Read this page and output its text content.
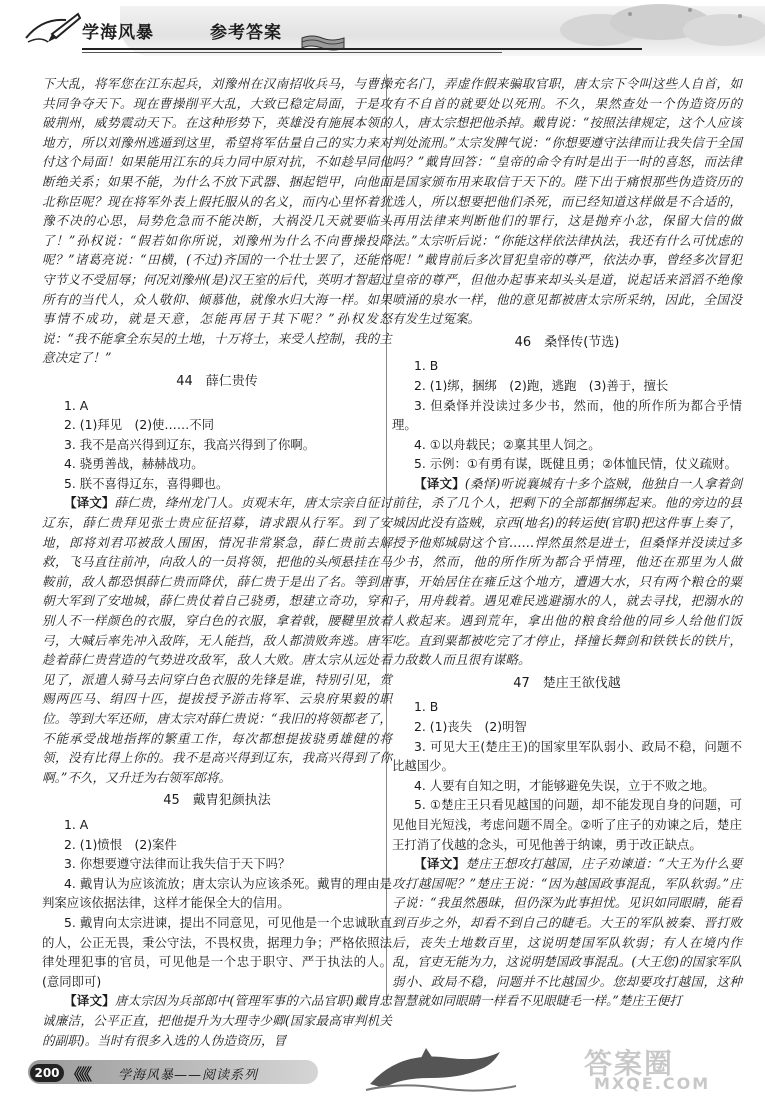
学海风暴	参考答案

下大乱，将军您在江东起兵，刘豫州在汉南招收兵马，与曹操共同争夺天下。现在曹操削平大乱，大致已稳定局面，于是攻破荆州，威势震动天下。在这种形势下，英雄没有施展本领的地方，所以刘豫州逃遁到这里，希望将军估量自己的实力来对付这个局面！如果能用江东的兵力同中原对抗，不如趁早同他断绝关系；如果不能，为什么不放下武器、捆起铠甲，向他面北称臣呢？现在将军外表上假托服从的名义，而内心里怀着犹豫不决的心思，局势危急而不能决断，大祸没几天就要临头了！”孙权说：“假若如你所说，刘豫州为什么不向曹操投降呢？”诸葛亮说：“田横，(不过)齐国的一个壮士罢了，还能恪守节义不受屈辱；何况刘豫州(是)汉王室的后代，英明才智超过所有的当代人，众人敬仰、倾慕他，就像水归大海一样。如果事情不成功，就是天意，怎能再居于其下呢？”孙权发怒说：“我不能拿全东吴的土地，十万将士，来受人控制，我的主意决定了！”

44　薛仁贵传

1. A

2. (1)拜见　(2)使……不同

3. 我不是高兴得到辽东，我高兴得到了你啊。

4. 骁勇善战，赫赫战功。

5. 朕不喜得辽东，喜得卿也。

【译文】薛仁贵，绛州龙门人。贞观末年，唐太宗亲自征讨辽东，薛仁贵拜见张士贵应征招募，请求跟从行军。到了安地，郎将刘君邛被敌人围困，情况非常紧急，薛仁贵前去解救，飞马直往前冲，向敌人的一员将领，把他的头颅悬挂在马鞍前，敌人都恐惧薛仁贵而降伏，薛仁贵于是出了名。等到唐朝大军到了安地城，薛仁贵仗着自己骁勇，想建立奇功，穿和别人不一样颜色的衣服，穿白色的衣服，拿着戟，腰鞬里放着弓，大喊后率先冲入敌阵，无人能挡，敌人都溃败奔逃。唐军趁着薛仁贵营造的气势进攻敌军，敌人大败。唐太宗从远处看见了，派遣人骑马去问穿白色衣服的先锋是谁，特别引见，赏赐两匹马、绢四十匹，提拔授予游击将军、云泉府果毅的职位。等到大军还师，唐太宗对薛仁贵说：“我旧的将领都老了，不能承受战地指挥的繁重工作，每次都想提拔骁勇雄健的将领，没有比得上你的。我不是高兴得到辽东，我高兴得到了你啊。”不久，又升迁为右领军郎将。

45　戴胄犯颜执法

1. A

2. (1)愤恨　(2)案件

3. 你想要遵守法律而让我失信于天下吗？

4. 戴胄认为应该流放；唐太宗认为应该杀死。戴胄的理由是判案应该依据法律，这样才能保全大的信用。

5. 戴胄向太宗进谏，提出不同意见，可见他是一个忠诚耿直的人，公正无畏，秉公守法，不畏权贵，据理力争；严格依照法律处理犯事的官员，可见他是一个忠于职守、严于执法的人。(意同即可)

【译文】唐太宗因为兵部郎中(管理军事的六品官职)戴胄忠诚廉洁，公平正直，把他提升为大理寺少卿(国家最高审判机关的副职)。当时有很多入选的人伪造资历，冒

充名门，弄虚作假来骗取官职，唐太宗下令叫这些人自首，如有不自首的就要处以死刑。不久，果然查处一个伪造资历的人，唐太宗想把他杀掉。戴胄说：“按照法律规定，这个人应该判处流刑。”太宗发脾气说：“你想要遵守法律而让我失信于全国吗？”戴胄回答：“皇帝的命令有时是出于一时的喜怒，而法律是国家颁布用来取信于天下的。陛下出于痛恨那些伪造资历的选人，所以想要把他们杀死，而已经知道这样做是不合适的，再用法律来判断他们的罪行，这是抛弃小忿，保留大信的做法。”太宗听后说：“你能这样依法律执法，我还有什么可忧虑的呢！”戴胄前后多次冒犯皇帝的尊严，依法办事，曾经多次冒犯皇帝的尊严，但他办起事来却头头是道，说起话来滔滔不绝像喷涌的泉水一样，他的意见都被唐太宗所采纳，因此，全国没有发生过冤案。

46　桑怿传(节选)

1. B

2. (1)绑，捆绑　(2)跑，逃跑　(3)善于，擅长

3. 但桑怿并没读过多少书，然而，他的所作所为都合乎情理。

4. ①以舟载民；②稟其里人饲之。

5. 示例：①有勇有谋，既健且勇；②体恤民情，仗义疏财。

【译文】(桑怿)听说襄城有十多个盗贼，他独自一人拿着剑前往，杀了几个人，把剩下的全部都捆绑起来。他的旁边的县城因此没有盗贼，京西(地名)的转运使(官职)把这件事上奏了，授予他郏城尉这个官……悍然虽然是进士，但桑怿并没读过多少书，然而，他的所作所为都合乎情理，他还在那里为人做事，开始居住在雍丘这个地方，遭遇大水，只有两个粮仓的粟子，用舟载着。遇见难民逃避溺水的人，就去寻找，把溺水的人救起来。遇到荒年，拿出他的粮食给他的同乡人给他们饭吃。直到粟都被吃完了才停止，择撞长舞剑和铁铁长的铁片，力敌数人而且很有谋略。

47　楚庄王欲伐越

1. B

2. (1)丧失　(2)明智

3. 可见大王(楚庄王)的国家里军队弱小、政局不稳，问题不比越国少。

4. 人要有自知之明，才能够避免失误，立于不败之地。

5. ①楚庄王只看见越国的问题，却不能发现自身的问题，可见他目光短浅，考虑问题不周全。②听了庄子的劝谏之后，楚庄王打消了伐越的念头，可见他善于纳谏，勇于改正缺点。

【译文】楚庄王想攻打越国，庄子劝谏道：“大王为什么要攻打越国呢？”楚庄王说：“因为越国政事混乱，军队软弱。”庄子说：“我虽然愚昧，但仍深为此事担忧。见识如同眼睛，能看到百步之外，却看不到自己的睫毛。大王的军队被秦、晋打败后，丧失土地数百里，这说明楚国军队软弱；有人在境内作乱，官吏无能为力，这说明楚国政事混乱。(大王您)的国家军队弱小、政局不稳，问题并不比越国少。您却要攻打越国，这种智慧就如同眼睛一样看不见眼睫毛一样。”楚庄王便打

200 《《《 学海风暴——阅读系列	答案圈
MXQE.COM
